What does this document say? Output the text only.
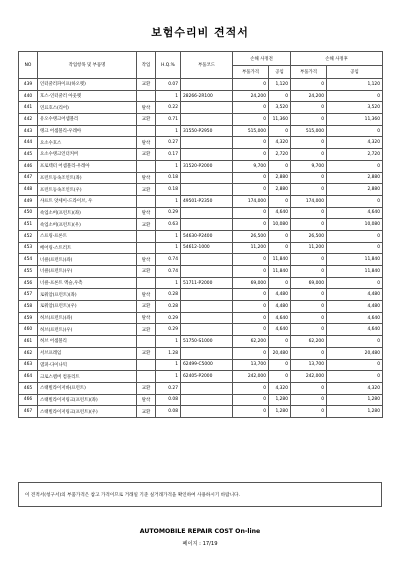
보험수리비 견적서
NO	작업항목 및 부품명	작업	H.Q.%	부품코드	손해 사정전		손해 사정후	
					부품가격	공임	부품가격	공임
439	인터쿨러파이프(하오렛)	교환	0.07		0	1,120	0	1,120
440	호스-인터쿨러 아웃렛		1	28266-2R100	24,200	0	24,200	0
441	연료호스(리어)	탈착	0.22		0	3,520	0	3,520
442	유오수탱크어셈블리	교환	0.71		0	11,360	0	11,360
443	탱크 어셈블리-우레아		1	31550-P2950	515,000	0	515,000	0
444	요소수호스	탈착	0.27		0	4,320	0	4,320
445	요소수탱크언더커버	교환	0.17		0	2,720	0	2,720
446	프로텍터 어셈블리-우레아		1	31520-P2000	9,700	0	9,700	0
447	프런트등속조인트(좌)	탈착	0.18		0	2,880	0	2,880
448	프런트등속조인트(우)	교환	0.18		0	2,880	0	2,880
449	샤프트 앗세이-드라이브, 우		1	49501-P2350	174,000	0	174,000	0
450	쇽업소버(프런트)(좌)	탈착	0.29		0	4,640	0	4,640
451	쇽업소버(프런트)(우)	교환	0.63		0	10,080	0	10,080
452	스프링-프론트		1	54630-P2400	26,500	0	26,500	0
453	베어링-스트러트		1	54612-1000	11,200	0	11,200	0
454	너클(프런트)(좌)	탈착	0.74		0	11,840	0	11,840
455	너클(프런트)(우)	교환	0.74		0	11,840	0	11,840
456	너클-프론트 액슬,우측		1	51711-P2000	69,000	0	69,000	0
457	로워암(프런트)(좌)	탈착	0.28		0	4,480	0	4,480
458	로워암(프런트)(우)	교환	0.28		0	4,480	0	4,480
459	허브(프런트)(좌)	탈착	0.29		0	4,640	0	4,640
460	허브(프런트)(우)	교환	0.29		0	4,640	0	4,640
461	허브 어셈블리		1	51750-S1000	62,200	0	62,200	0
462	서브프레임	교환	1.28		0	20,480	0	20,480
463	댐퍼-다이나믹		1	62499-C5000	13,700	0	13,700	0
464	크로스멤버 컴플리트		1	62405-P2000	242,000	0	242,000	0
465	스태빌라이저바(프런트)	교환	0.27		0	4,320	0	4,320
466	스태빌라이저링크(프런트)(좌)	탈착	0.08		0	1,280	0	1,280
467	스태빌라이저링크(프런트)(우)	교환	0.08		0	1,280	0	1,280
이 견적서(청구서)의 부품가격은 참고 가격이므로 거래일 기준 실거래가격을 확인하여 사용하시기 바랍니다.
AUTOMOBILE REPAIR COST On-line
페이지 : 17/19
